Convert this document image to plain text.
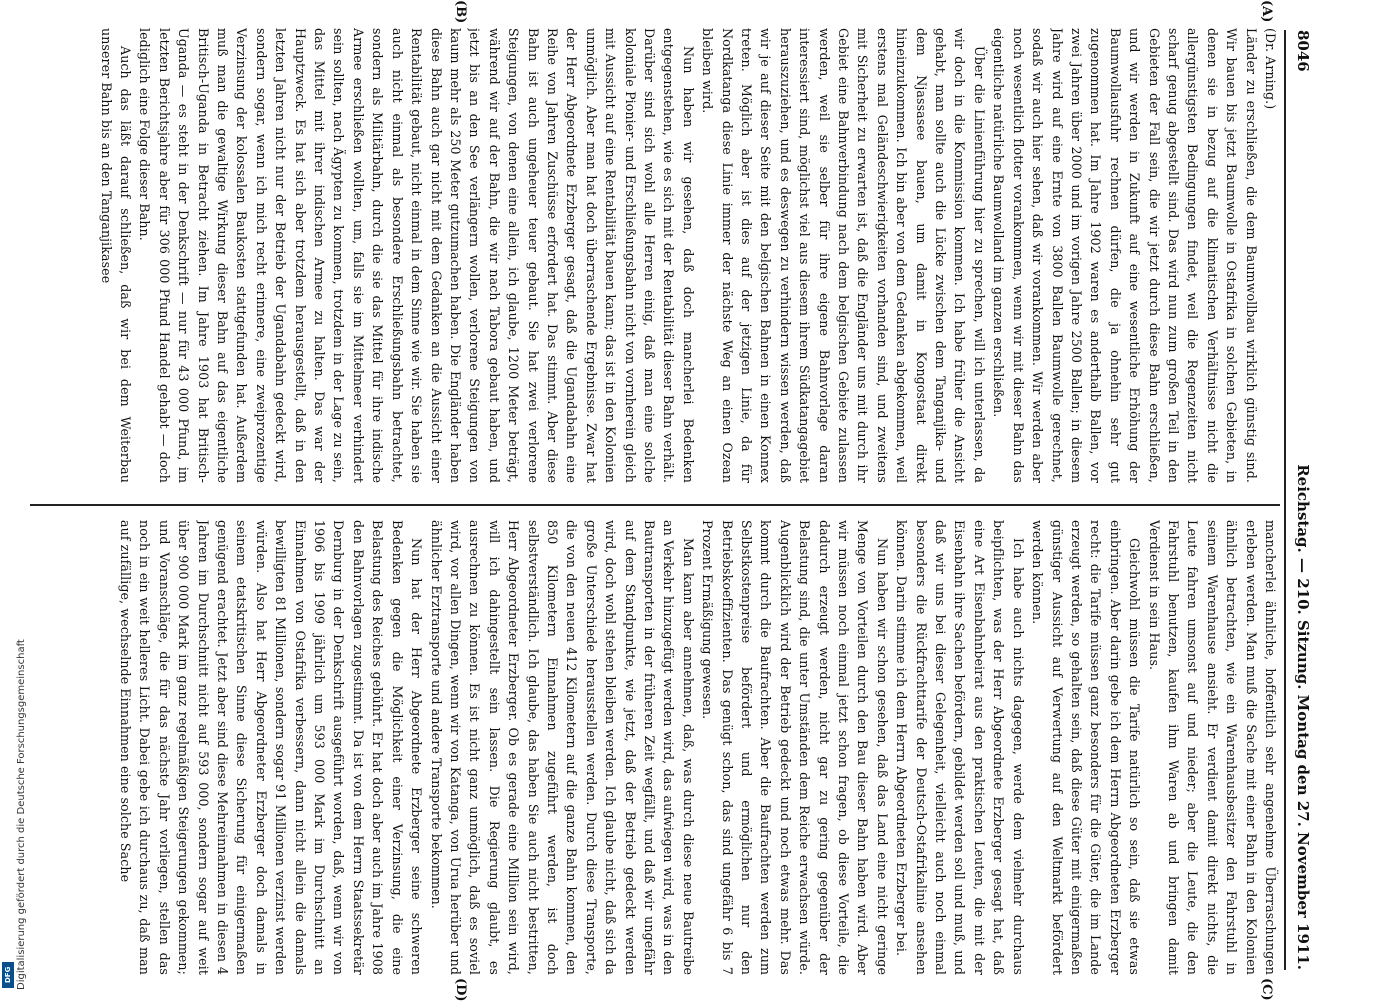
8046
Reichstag. — 210. Sitzung. Montag den 27. November 1911.
(A)
(B)
(C)
(D)

(Dr. Arning.)

Länder zu erschließen, die dem Baumwollbau wirklich günstig sind. Wir bauen bis jetzt Baumwolle in Ostafrika in solchen Gebieten, in denen sie in bezug auf die klimatischen Verhältnisse nicht die allergünstigsten Bedingungen findet, weil die Regenzeiten nicht scharf genug abgestellt sind. Das wird nun zum großen Teil in den Gebieten der Fall sein, die wir jetzt durch diese Bahn erschließen, und wir werden in Zukunft auf eine wesentliche Erhöhung der Baumwollausfuhr rechnen dürfen, die ja ohnehin sehr gut zugenommen hat. Im Jahre 1902 waren es anderthalb Ballen, vor zwei Jahren über 2000 und im vorigen Jahre 2500 Ballen; in diesem Jahre wird auf eine Ernte von 3800 Ballen Baumwolle gerechnet, sodaß wir auch hier sehen, daß wir vorankommen. Wir werden aber noch wesentlich flotter vorankommen, wenn wir mit dieser Bahn das eigentliche natürliche Baumwolland im ganzen erschließen.

Über die Linienführung hier zu sprechen, will ich unterlassen, da wir doch in die Kommission kommen. Ich habe früher die Ansicht gehabt, man sollte auch die Lücke zwischen dem Tanganjika- und dem Njassasee bauen, um damit in Kongostaat direkt hineinzukommen. Ich bin aber von dem Gedanken abgekommen, weil erstens mal Geländeschwierigkeiten vorhanden sind, und zweitens mit Sicherheit zu erwarten ist, daß die Engländer uns mit durch ihr Gebiet eine Bahnverbindung nach dem belgischen Gebiete zulassen werden, weil sie selber für ihre eigene Bahnvorlage daran interessiert sind, möglichst viel aus diesem ihrem Südkatangagebiet herauszuziehen, und es deswegen zu verhindern wissen werden, daß wir je auf dieser Seite mit den belgischen Bahnen in einen Konnex treten. Möglich aber ist dies auf der jetzigen Linie, da für Nordkatanga diese Linie immer der nächste Weg an einen Ozean bleiben wird.

Nun haben wir gesehen, daß doch mancherlei Bedenken entgegenstehen, wie es sich mit der Rentabilität dieser Bahn verhält. Darüber sind sich wohl alle Herren einig, daß man eine solche koloniale Pionier- und Erschließungsbahn nicht von vornherein gleich mit Aussicht auf eine Rentabilität bauen kann; das ist in den Kolonien unmöglich. Aber man hat doch überraschende Ergebnisse. Zwar hat der Herr Abgeordnete Erzberger gesagt, daß die Ugandabahn eine Reihe von Jahren Zuschüsse erfordert hat. Das stimmt. Aber diese Bahn ist auch ungeheuer teuer gebaut. Sie hat zwei verlorene Steigungen, von denen eine allein, ich glaube, 1200 Meter beträgt, während wir auf der Bahn, die wir nach Tabora gebaut haben, und jetzt bis an den See verlängern wollen, verlorene Steigungen von kaum mehr als 250 Meter gutzumachen haben. Die Engländer haben diese Bahn auch gar nicht mit dem Gedanken an die Aussicht einer Rentabilität gebaut, nicht einmal in dem Sinne wie wir. Sie haben sie auch nicht einmal als besondere Erschließungsbahn betrachtet, sondern als Militärbahn, durch die sie das Mittel für ihre indische Armee erschließen wollten, um, falls sie im Mittelmeer verhindert sein sollten, nach Ägypten zu kommen, trotzdem in der Lage zu sein, das Mittel mit ihrer indischen Armee zu halten. Das war der Hauptzweck. Es hat sich aber trotzdem herausgestellt, daß in den letzten Jahren nicht nur der Betrieb der Ugandabahn gedeckt wird, sondern sogar, wenn ich mich recht erinnere, eine zweiprozentige Verzinsung der kolossalen Baukosten stattgefunden hat. Außerdem muß man die gewaltige Wirkung dieser Bahn auf das eigentliche Britisch-Uganda in Betracht ziehen. Im Jahre 1903 hat Britisch-Uganda — es steht in der Denkschrift — nur für 43 000 Pfund, im letzten Berichtsjahre aber für 306 000 Pfund Handel gehabt — doch lediglich eine Folge dieser Bahn.

Auch das läßt darauf schließen, daß wir bei dem Weiterbau unserer Bahn bis an den Tanganjikasee

mancherlei ähnliche, hoffentlich sehr angenehme Überraschungen erleben werden. Man muß die Sache mit einer Bahn in den Kolonien ähnlich betrachten, wie ein Warenhausbesitzer den Fahrstuhl in seinem Warenhause ansieht. Er verdient damit direkt nichts, die Leute fahren umsonst auf und nieder; aber die Leute, die den Fahrstuhl benutzen, kaufen ihm Waren ab und bringen damit Verdienst in sein Haus.

Gleichwohl müssen die Tarife natürlich so sein, daß sie etwas einbringen. Aber darin gebe ich dem Herrn Abgeordneten Erzberger recht: die Tarife müssen ganz besonders für die Güter, die im Lande erzeugt werden, so gehalten sein, daß diese Güter mit einigermaßen günstiger Aussicht auf Verwertung auf den Weltmarkt befördert werden können.

Ich habe auch nichts dagegen, werde dem vielmehr durchaus beipflichten, was der Herr Abgeordnete Erzberger gesagt hat, daß eine Art Eisenbahnbeirat aus den praktischen Leuten, die mit der Eisenbahn ihre Sachen befördern, gebildet werden soll und muß, und daß wir uns bei dieser Gelegenheit, vielleicht auch noch einmal besonders die Rückfrachttarife der Deutsch-Ostafrikalinie ansehen können. Darin stimme ich dem Herrn Abgeordneten Erzberger bei.

Nun haben wir schon gesehen, daß das Land eine nicht geringe Menge von Vorteilen durch den Bau dieser Bahn haben wird. Aber wir müssen noch einmal jetzt schon fragen, ob diese Vorteile, die dadurch erzeugt werden, nicht gar zu gering gegenüber der Belastung sind, die unter Umständen dem Reiche erwachsen würde. Augenblicklich wird der Betrieb gedeckt und noch etwas mehr. Das kommt durch die Baufrachten. Aber die Baufrachten werden zum Selbstkostenpreise befördert und ermöglichen nur den Betriebskoeffizienten. Das genügt schon, das sind ungefähr 6 bis 7 Prozent Ermäßigung gewesen.

Man kann aber annehmen, daß, was durch diese neue Bautreibe an Verkehr hinzugefügt werden wird, das aufwiegen wird, was in den Bautransporten in der früheren Zeit wegfällt, und daß wir ungefähr auf dem Standpunkte, wie jetzt, daß der Betrieb gedeckt werden wird, doch wohl stehen bleiben werden. Ich glaube nicht, daß sich da große Unterschiede herausstellen werden. Durch diese Transporte, die von den neuen 412 Kilometern auf die ganze Bahn kommen, den 850 Kilometern Einnahmen zugeführt werden, ist doch selbstverständlich. Ich glaube, das haben Sie auch nicht bestritten, Herr Abgeordneter Erzberger. Ob es gerade eine Million sein wird, will ich dahingestellt sein lassen. Die Regierung glaubt, es ausrechnen zu können. Es ist nicht ganz unmöglich, daß es soviel wird, vor allen Dingen, wenn wir von Katanga, von Urua herüber und ähnlicher Erztransporte und andere Transporte bekommen.

Nun hat der Herr Abgeordnete Erzberger seine schweren Bedenken gegen die Möglichkeit einer Verzinsung, die eine Belastung des Reiches gebührt. Er hat doch aber auch im Jahre 1908 den Bahnvorlagen zugestimmt. Da ist von dem Herrn Staatssekretär Dernburg in der Denkschrift ausgeführt worden, daß, wenn wir von 1906 bis 1909 jährlich um 593 000 Mark im Durchschnitt an Einnahmen von Ostafrika verbessern, dann nicht allein die damals bewilligten 81 Millionen, sondern sogar 91 Millionen verzinst werden würden. Also hat Herr Abgeordneter Erzberger doch damals in seinem etatskritischen Sinne diese Sicherung für einigermaßen genügend erachtet. Jetzt aber sind diese Mehreinnahmen in diesen 4 Jahren im Durchschnitt nicht auf 593 000, sondern sogar auf weit über 900 000 Mark im ganz regelmäßigen Steigerungen gekommen; und Voranschläge, die für das nächste Jahr vorliegen, stellen das noch in ein weit helleres Licht. Dabei gebe ich durchaus zu, daß man auf zufällige, wechselnde Einnahmen eine solche Sache

Digitalisierung gefördert durch die Deutsche Forschungsgemeinschaft
DFG
